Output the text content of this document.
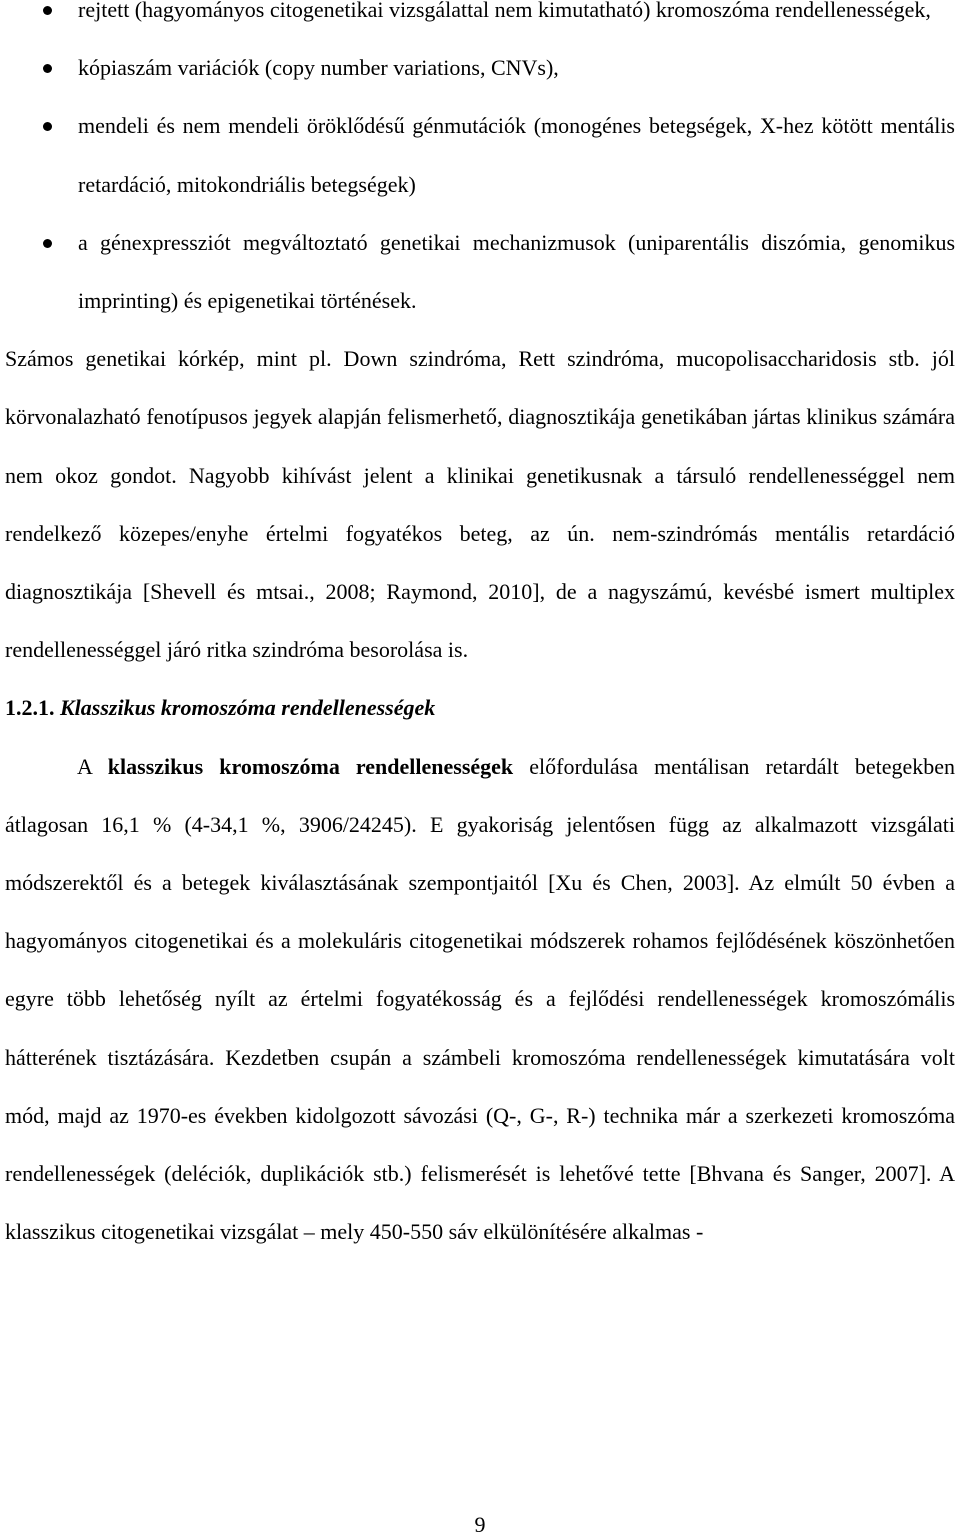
rejtett (hagyományos citogenetikai vizsgálattal nem kimutatható) kromoszóma rendellenességek,
kópiaszám variációk (copy number variations, CNVs),
mendeli és nem mendeli öröklődésű génmutációk (monogénes betegségek, X-hez kötött mentális retardáció, mitokondriális betegségek)
a génexpressziót megváltoztató genetikai mechanizmusok (uniparentális diszómia, genomikus imprinting) és epigenetikai történések.

Számos genetikai kórkép, mint pl. Down szindróma, Rett szindróma, mucopolisaccharidosis stb. jól körvonalazható fenotípusos jegyek alapján felismerhető, diagnosztikája genetikában jártas klinikus számára nem okoz gondot. Nagyobb kihívást jelent a klinikai genetikusnak a társuló rendellenességgel nem rendelkező közepes/enyhe értelmi fogyatékos beteg, az ún. nem-szindrómás mentális retardáció diagnosztikája [Shevell és mtsai., 2008; Raymond, 2010], de a nagyszámú, kevésbé ismert multiplex rendellenességgel járó ritka szindróma besorolása is.

1.2.1. Klasszikus kromoszóma rendellenességek

A klasszikus kromoszóma rendellenességek előfordulása mentálisan retardált betegekben átlagosan 16,1 % (4-34,1 %, 3906/24245). E gyakoriság jelentősen függ az alkalmazott vizsgálati módszerektől és a betegek kiválasztásának szempontjaitól [Xu és Chen, 2003]. Az elmúlt 50 évben a hagyományos citogenetikai és a molekuláris citogenetikai módszerek rohamos fejlődésének köszönhetően egyre több lehetőség nyílt az értelmi fogyatékosság és a fejlődési rendellenességek kromoszómális hátterének tisztázására. Kezdetben csupán a számbeli kromoszóma rendellenességek kimutatására volt mód, majd az 1970-es években kidolgozott sávozási (Q-, G-, R-) technika már a szerkezeti kromoszóma rendellenességek (deléciók, duplikációk stb.) felismerését is lehetővé tette [Bhvana és Sanger, 2007]. A klasszikus citogenetikai vizsgálat – mely 450-550 sáv elkülönítésére alkalmas -

9
